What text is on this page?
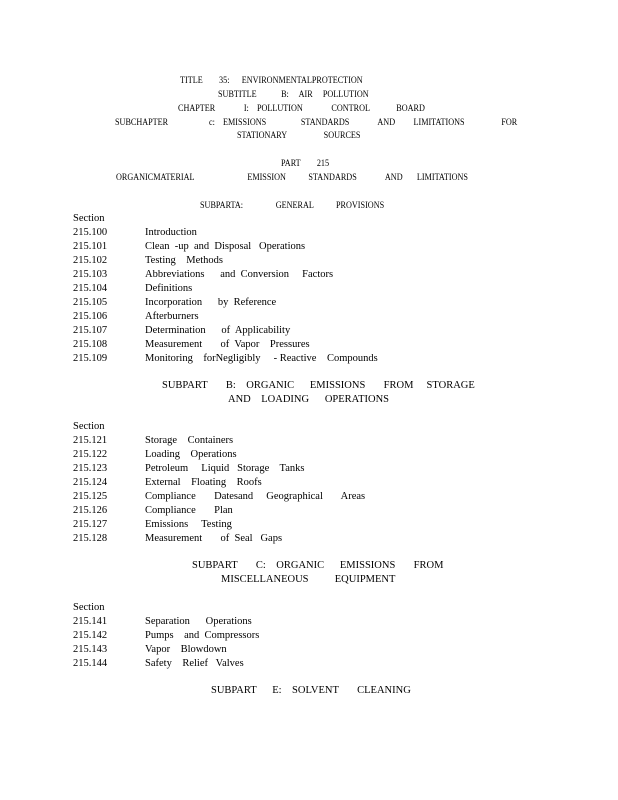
TITLE        35:      ENVIRONMENTALPROTECTION
SUBTITLE            B:     AIR     POLLUTION
CHAPTER              I:    POLLUTION              CONTROL             BOARD
SUBCHAPTER                    c:    EMISSIONS                 STANDARDS              AND         LIMITATIONS                  FOR
STATIONARY                  SOURCES
PART        215
ORGANICMATERIAL                          EMISSION           STANDARDS              AND       LIMITATIONS
SUBPARTA:                GENERAL           PROVISIONS
Section
215.100	Introduction
215.101	Clean  -up  and  Disposal   Operations
215.102	Testing    Methods
215.103	Abbreviations      and  Conversion     Factors
215.104	Definitions
215.105	Incorporation      by  Reference
215.106	Afterburners
215.107	Determination      of  Applicability
215.108	Measurement       of  Vapor    Pressures
215.109	Monitoring    forNegligibly     - Reactive    Compounds
SUBPART       B:    ORGANIC      EMISSIONS       FROM     STORAGE
AND    LOADING      OPERATIONS
Section
215.121	Storage    Containers
215.122	Loading    Operations
215.123	Petroleum     Liquid   Storage    Tanks
215.124	External    Floating    Roofs
215.125	Compliance       Datesand     Geographical       Areas
215.126	Compliance       Plan
215.127	Emissions     Testing
215.128	Measurement       of  Seal   Gaps
SUBPART       C:    ORGANIC      EMISSIONS       FROM
MISCELLANEOUS          EQUIPMENT
Section
215.141	Separation      Operations
215.142	Pumps    and  Compressors
215.143	Vapor    Blowdown
215.144	Safety    Relief   Valves
SUBPART      E:    SOLVENT       CLEANING
